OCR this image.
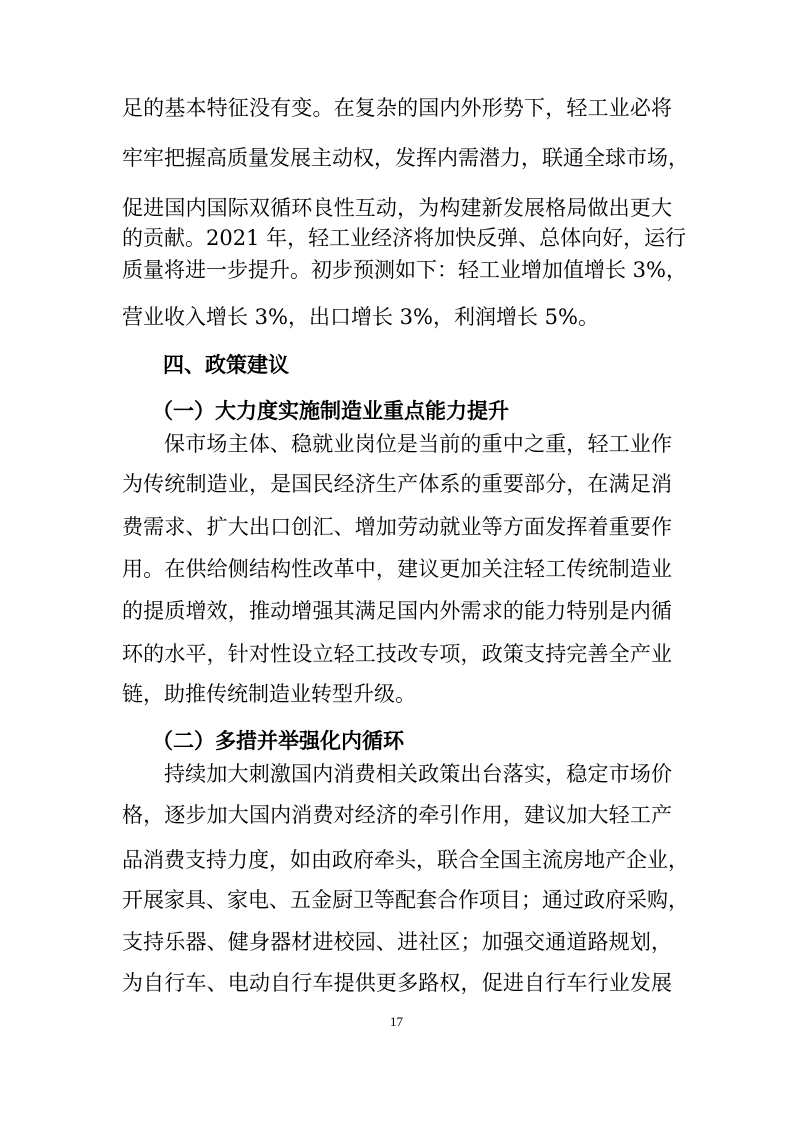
足的基本特征没有变。在复杂的国内外形势下，轻工业必将
牢牢把握高质量发展主动权，发挥内需潜力，联通全球市场，
促进国内国际双循环良性互动，为构建新发展格局做出更大
的贡献。2021 年，轻工业经济将加快反弹、总体向好，运行
质量将进一步提升。初步预测如下：轻工业增加值增长 3%，
营业收入增长 3%，出口增长 3%，利润增长 5%。
四、政策建议
（一）大力度实施制造业重点能力提升
保市场主体、稳就业岗位是当前的重中之重，轻工业作
为传统制造业，是国民经济生产体系的重要部分，在满足消
费需求、扩大出口创汇、增加劳动就业等方面发挥着重要作
用。在供给侧结构性改革中，建议更加关注轻工传统制造业
的提质增效，推动增强其满足国内外需求的能力特别是内循
环的水平，针对性设立轻工技改专项，政策支持完善全产业
链，助推传统制造业转型升级。
（二）多措并举强化内循环
持续加大刺激国内消费相关政策出台落实，稳定市场价
格，逐步加大国内消费对经济的牵引作用，建议加大轻工产
品消费支持力度，如由政府牵头，联合全国主流房地产企业，
开展家具、家电、五金厨卫等配套合作项目；通过政府采购，
支持乐器、健身器材进校园、进社区；加强交通道路规划，
为自行车、电动自行车提供更多路权，促进自行车行业发展
17
